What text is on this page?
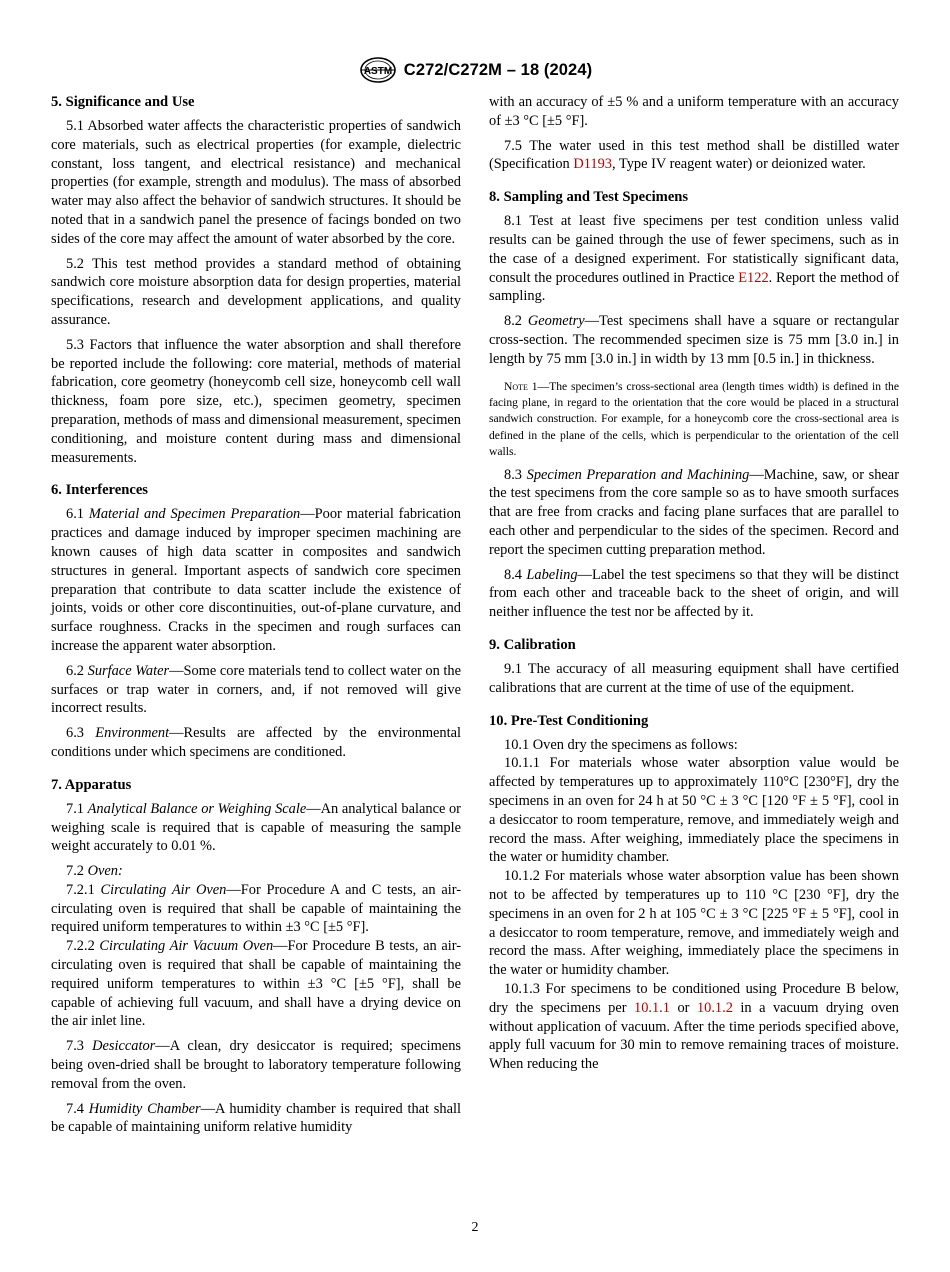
ASTM C272/C272M – 18 (2024)
5. Significance and Use

5.1 Absorbed water affects the characteristic properties of sandwich core materials, such as electrical properties (for example, dielectric constant, loss tangent, and electrical resistance) and mechanical properties (for example, strength and modulus). The mass of absorbed water may also affect the behavior of sandwich structures. It should be noted that in a sandwich panel the presence of facings bonded on two sides of the core may affect the amount of water absorbed by the core.

5.2 This test method provides a standard method of obtaining sandwich core moisture absorption data for design properties, material specifications, research and development applications, and quality assurance.

5.3 Factors that influence the water absorption and shall therefore be reported include the following: core material, methods of material fabrication, core geometry (honeycomb cell size, honeycomb cell wall thickness, foam pore size, etc.), specimen geometry, specimen preparation, methods of mass and dimensional measurement, specimen conditioning, and moisture content during mass and dimensional measurements.

6. Interferences

6.1 Material and Specimen Preparation—Poor material fabrication practices and damage induced by improper specimen machining are known causes of high data scatter in composites and sandwich structures in general. Important aspects of sandwich core specimen preparation that contribute to data scatter include the existence of joints, voids or other core discontinuities, out-of-plane curvature, and surface roughness. Cracks in the specimen and rough surfaces can increase the apparent water absorption.

6.2 Surface Water—Some core materials tend to collect water on the surfaces or trap water in corners, and, if not removed will give incorrect results.

6.3 Environment—Results are affected by the environmental conditions under which specimens are conditioned.

7. Apparatus

7.1 Analytical Balance or Weighing Scale—An analytical balance or weighing scale is required that is capable of measuring the sample weight accurately to 0.01 %.

7.2 Oven:

7.2.1 Circulating Air Oven—For Procedure A and C tests, an air-circulating oven is required that shall be capable of maintaining the required uniform temperatures to within ±3 °C [±5 °F].

7.2.2 Circulating Air Vacuum Oven—For Procedure B tests, an air-circulating oven is required that shall be capable of maintaining the required uniform temperatures to within ±3 °C [±5 °F], shall be capable of achieving full vacuum, and shall have a drying device on the air inlet line.

7.3 Desiccator—A clean, dry desiccator is required; specimens being oven-dried shall be brought to laboratory temperature following removal from the oven.

7.4 Humidity Chamber—A humidity chamber is required that shall be capable of maintaining uniform relative humidity

with an accuracy of ±5 % and a uniform temperature with an accuracy of ±3 °C [±5 °F].

7.5 The water used in this test method shall be distilled water (Specification D1193, Type IV reagent water) or deionized water.

8. Sampling and Test Specimens

8.1 Test at least five specimens per test condition unless valid results can be gained through the use of fewer specimens, such as in the case of a designed experiment. For statistically significant data, consult the procedures outlined in Practice E122. Report the method of sampling.

8.2 Geometry—Test specimens shall have a square or rectangular cross-section. The recommended specimen size is 75 mm [3.0 in.] in length by 75 mm [3.0 in.] in width by 13 mm [0.5 in.] in thickness.

Note 1—The specimen’s cross-sectional area (length times width) is defined in the facing plane, in regard to the orientation that the core would be placed in a structural sandwich construction. For example, for a honeycomb core the cross-sectional area is defined in the plane of the cells, which is perpendicular to the orientation of the cell walls.

8.3 Specimen Preparation and Machining—Machine, saw, or shear the test specimens from the core sample so as to have smooth surfaces that are free from cracks and facing plane surfaces that are parallel to each other and perpendicular to the sides of the specimen. Record and report the specimen cutting preparation method.

8.4 Labeling—Label the test specimens so that they will be distinct from each other and traceable back to the sheet of origin, and will neither influence the test nor be affected by it.

9. Calibration

9.1 The accuracy of all measuring equipment shall have certified calibrations that are current at the time of use of the equipment.

10. Pre-Test Conditioning

10.1 Oven dry the specimens as follows:

10.1.1 For materials whose water absorption value would be affected by temperatures up to approximately 110°C [230°F], dry the specimens in an oven for 24 h at 50 °C ± 3 °C [120 °F ± 5 °F], cool in a desiccator to room temperature, remove, and immediately weigh and record the mass. After weighing, immediately place the specimens in the water or humidity chamber.

10.1.2 For materials whose water absorption value has been shown not to be affected by temperatures up to 110 °C [230 °F], dry the specimens in an oven for 2 h at 105 °C ± 3 °C [225 °F ± 5 °F], cool in a desiccator to room temperature, remove, and immediately weigh and record the mass. After weighing, immediately place the specimens in the water or humidity chamber.

10.1.3 For specimens to be conditioned using Procedure B below, dry the specimens per 10.1.1 or 10.1.2 in a vacuum drying oven without application of vacuum. After the time periods specified above, apply full vacuum for 30 min to remove remaining traces of moisture. When reducing the

2
